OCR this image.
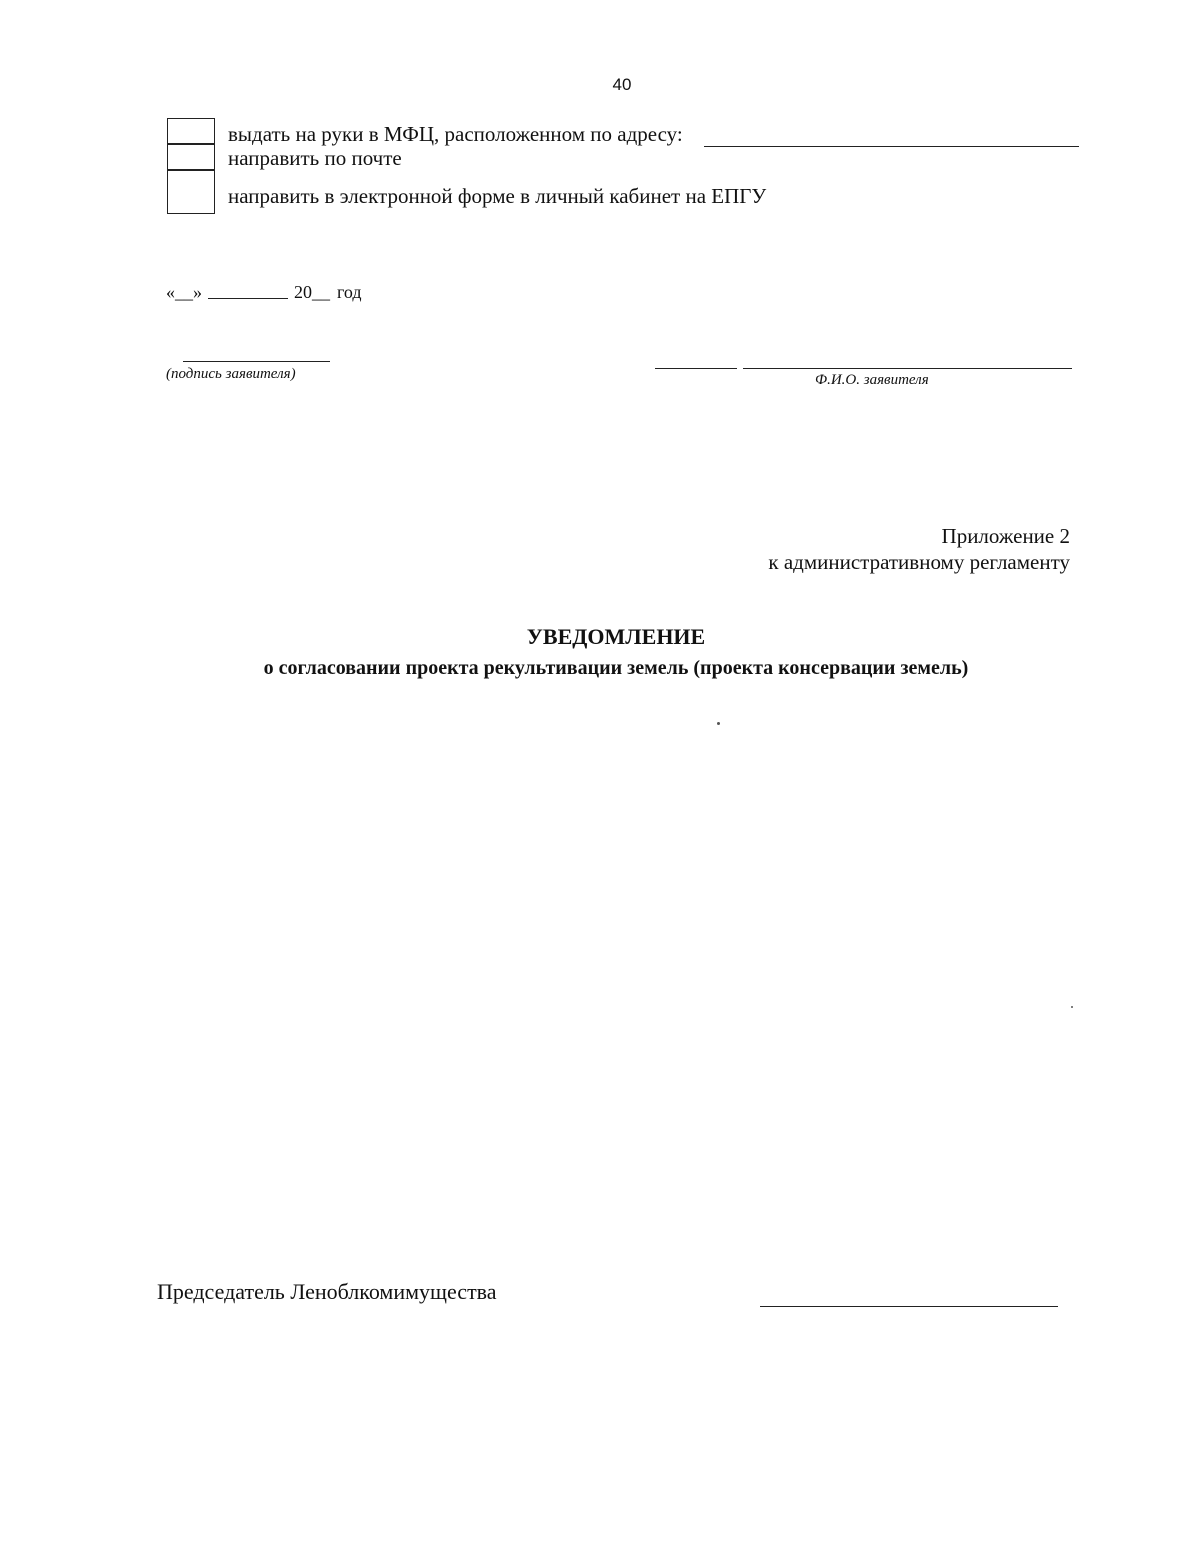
40
выдать на руки в МФЦ, расположенном по адресу:
направить по почте
направить в электронной форме в личный кабинет на ЕПГУ
«__»	20__ год
(подпись заявителя)	Ф.И.О. заявителя
Приложение 2
к административному регламенту
УВЕДОМЛЕНИЕ
о согласовании проекта рекультивации земель (проекта консервации земель)
Председатель Леноблкомимущества
